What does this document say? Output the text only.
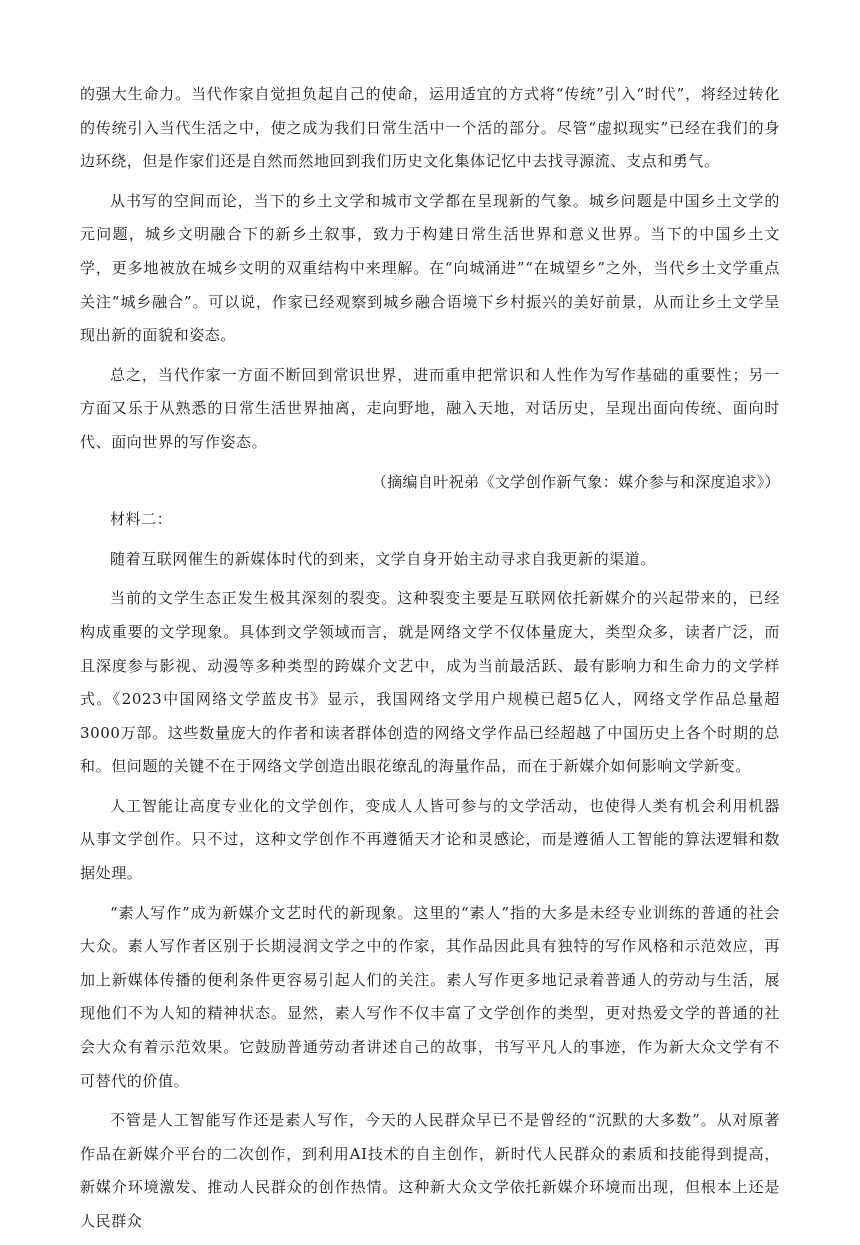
的强大生命力。当代作家自觉担负起自己的使命，运用适宜的方式将“传统”引入“时代”，将经过转化的传统引入当代生活之中，使之成为我们日常生活中一个活的部分。尽管“虚拟现实”已经在我们的身边环绕，但是作家们还是自然而然地回到我们历史文化集体记忆中去找寻源流、支点和勇气。

从书写的空间而论，当下的乡土文学和城市文学都在呈现新的气象。城乡问题是中国乡土文学的元问题，城乡文明融合下的新乡土叙事，致力于构建日常生活世界和意义世界。当下的中国乡土文学，更多地被放在城乡文明的双重结构中来理解。在“向城涌进”“在城望乡”之外，当代乡土文学重点关注“城乡融合”。可以说，作家已经观察到城乡融合语境下乡村振兴的美好前景，从而让乡土文学呈现出新的面貌和姿态。

总之，当代作家一方面不断回到常识世界，进而重申把常识和人性作为写作基础的重要性；另一方面又乐于从熟悉的日常生活世界抽离，走向野地，融入天地，对话历史，呈现出面向传统、面向时代、面向世界的写作姿态。

（摘编自叶祝弟《文学创作新气象：媒介参与和深度追求》）

材料二：

随着互联网催生的新媒体时代的到来，文学自身开始主动寻求自我更新的渠道。

当前的文学生态正发生极其深刻的裂变。这种裂变主要是互联网依托新媒介的兴起带来的，已经构成重要的文学现象。具体到文学领域而言，就是网络文学不仅体量庞大，类型众多，读者广泛，而且深度参与影视、动漫等多种类型的跨媒介文艺中，成为当前最活跃、最有影响力和生命力的文学样式。《2023中国网络文学蓝皮书》显示，我国网络文学用户规模已超5亿人，网络文学作品总量超3000万部。这些数量庞大的作者和读者群体创造的网络文学作品已经超越了中国历史上各个时期的总和。但问题的关键不在于网络文学创造出眼花缭乱的海量作品，而在于新媒介如何影响文学新变。

人工智能让高度专业化的文学创作，变成人人皆可参与的文学活动，也使得人类有机会利用机器从事文学创作。只不过，这种文学创作不再遵循天才论和灵感论，而是遵循人工智能的算法逻辑和数据处理。

“素人写作”成为新媒介文艺时代的新现象。这里的“素人”指的大多是未经专业训练的普通的社会大众。素人写作者区别于长期浸润文学之中的作家，其作品因此具有独特的写作风格和示范效应，再加上新媒体传播的便利条件更容易引起人们的关注。素人写作更多地记录着普通人的劳动与生活，展现他们不为人知的精神状态。显然，素人写作不仅丰富了文学创作的类型，更对热爱文学的普通的社会大众有着示范效果。它鼓励普通劳动者讲述自己的故事，书写平凡人的事迹，作为新大众文学有不可替代的价值。

不管是人工智能写作还是素人写作，今天的人民群众早已不是曾经的“沉默的大多数”。从对原著作品在新媒介平台的二次创作，到利用AI技术的自主创作，新时代人民群众的素质和技能得到提高，新媒介环境激发、推动人民群众的创作热情。这种新大众文学依托新媒介环境而出现，但根本上还是人民群众
